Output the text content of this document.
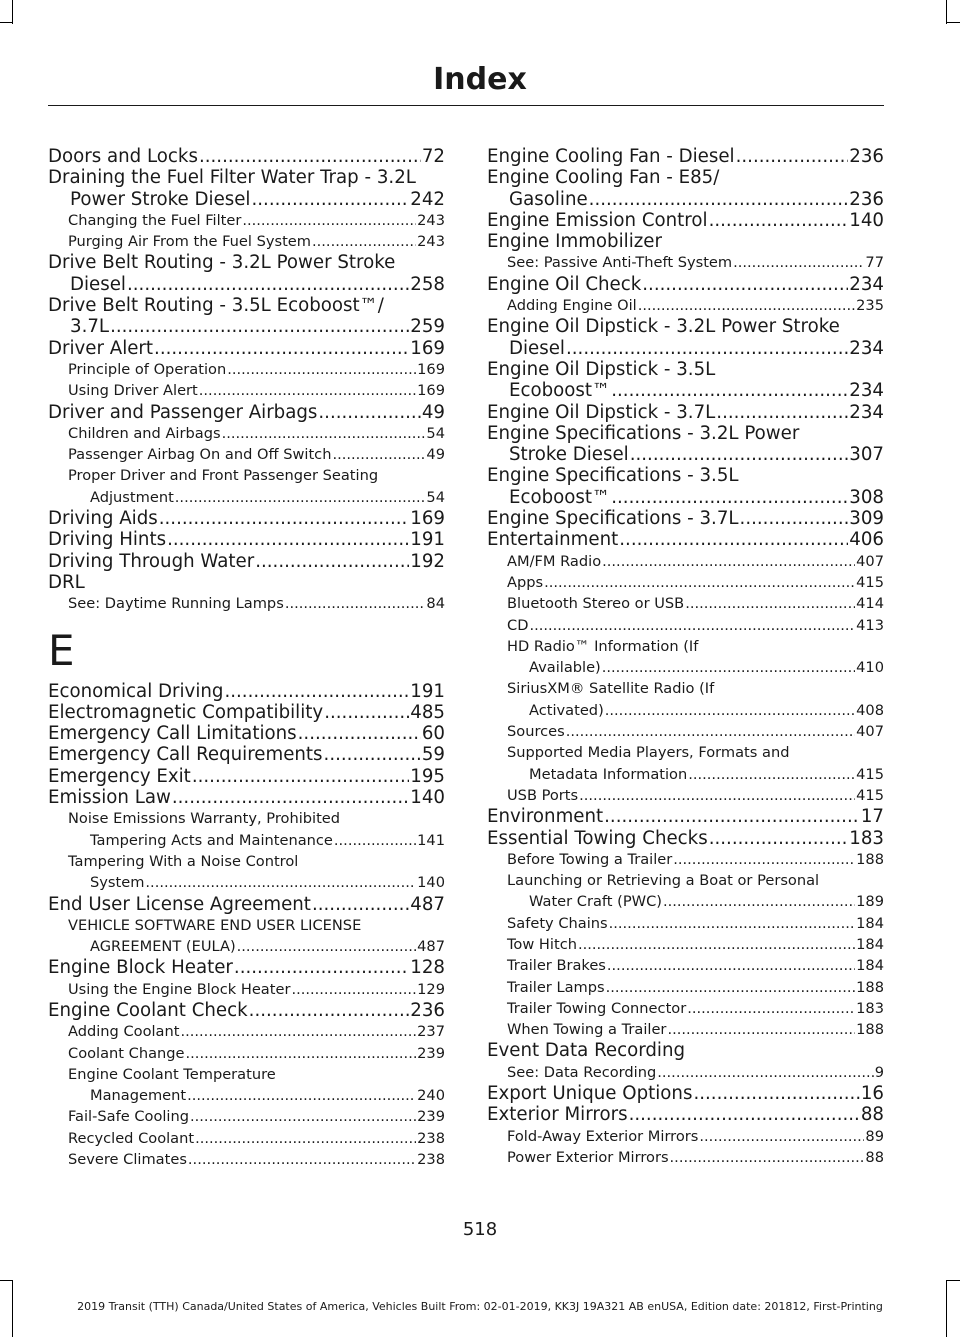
Index
Doors and Locks .....	72
Draining the Fuel Filter Water Trap - 3.2L
Power Stroke Diesel .....	242
Changing the Fuel Filter .....	243
Purging Air From the Fuel System .....	243
Drive Belt Routing - 3.2L Power Stroke
Diesel .....	258
Drive Belt Routing - 3.5L Ecoboost™/
3.7L .....	259
Driver Alert .....	169
Principle of Operation .....	169
Using Driver Alert .....	169
Driver and Passenger Airbags .....	49
Children and Airbags .....	54
Passenger Airbag On and Off Switch .....	49
Proper Driver and Front Passenger Seating
Adjustment .....	54
Driving Aids .....	169
Driving Hints .....	191
Driving Through Water .....	192
DRL
See: Daytime Running Lamps .....	84
E
Economical Driving .....	191
Electromagnetic Compatibility .....	485
Emergency Call Limitations .....	60
Emergency Call Requirements .....	59
Emergency Exit .....	195
Emission Law .....	140
Noise Emissions Warranty, Prohibited
Tampering Acts and Maintenance .....	141
Tampering With a Noise Control
System .....	140
End User License Agreement .....	487
VEHICLE SOFTWARE END USER LICENSE
AGREEMENT (EULA) .....	487
Engine Block Heater .....	128
Using the Engine Block Heater .....	129
Engine Coolant Check .....	236
Adding Coolant .....	237
Coolant Change .....	239
Engine Coolant Temperature
Management .....	240
Fail-Safe Cooling .....	239
Recycled Coolant .....	238
Severe Climates .....	238
Engine Cooling Fan - Diesel .....	236
Engine Cooling Fan - E85/
Gasoline .....	236
Engine Emission Control .....	140
Engine Immobilizer
See: Passive Anti-Theft System .....	77
Engine Oil Check .....	234
Adding Engine Oil .....	235
Engine Oil Dipstick - 3.2L Power Stroke
Diesel .....	234
Engine Oil Dipstick - 3.5L
Ecoboost™ .....	234
Engine Oil Dipstick - 3.7L .....	234
Engine Specifications - 3.2L Power
Stroke Diesel .....	307
Engine Specifications - 3.5L
Ecoboost™ .....	308
Engine Specifications - 3.7L .....	309
Entertainment .....	406
AM/FM Radio .....	407
Apps .....	415
Bluetooth Stereo or USB .....	414
CD .....	413
HD Radio™ Information (If
Available) .....	410
SiriusXM® Satellite Radio (If
Activated) .....	408
Sources .....	407
Supported Media Players, Formats and
Metadata Information .....	415
USB Ports .....	415
Environment .....	17
Essential Towing Checks .....	183
Before Towing a Trailer .....	188
Launching or Retrieving a Boat or Personal
Water Craft (PWC) .....	189
Safety Chains .....	184
Tow Hitch .....	184
Trailer Brakes .....	184
Trailer Lamps .....	188
Trailer Towing Connector .....	183
When Towing a Trailer .....	188
Event Data Recording
See: Data Recording .....	9
Export Unique Options .....	16
Exterior Mirrors .....	88
Fold-Away Exterior Mirrors .....	89
Power Exterior Mirrors .....	88
518
2019 Transit (TTH) Canada/United States of America, Vehicles Built From: 02-01-2019, KK3J 19A321 AB enUSA, Edition date: 201812, First-Printing
